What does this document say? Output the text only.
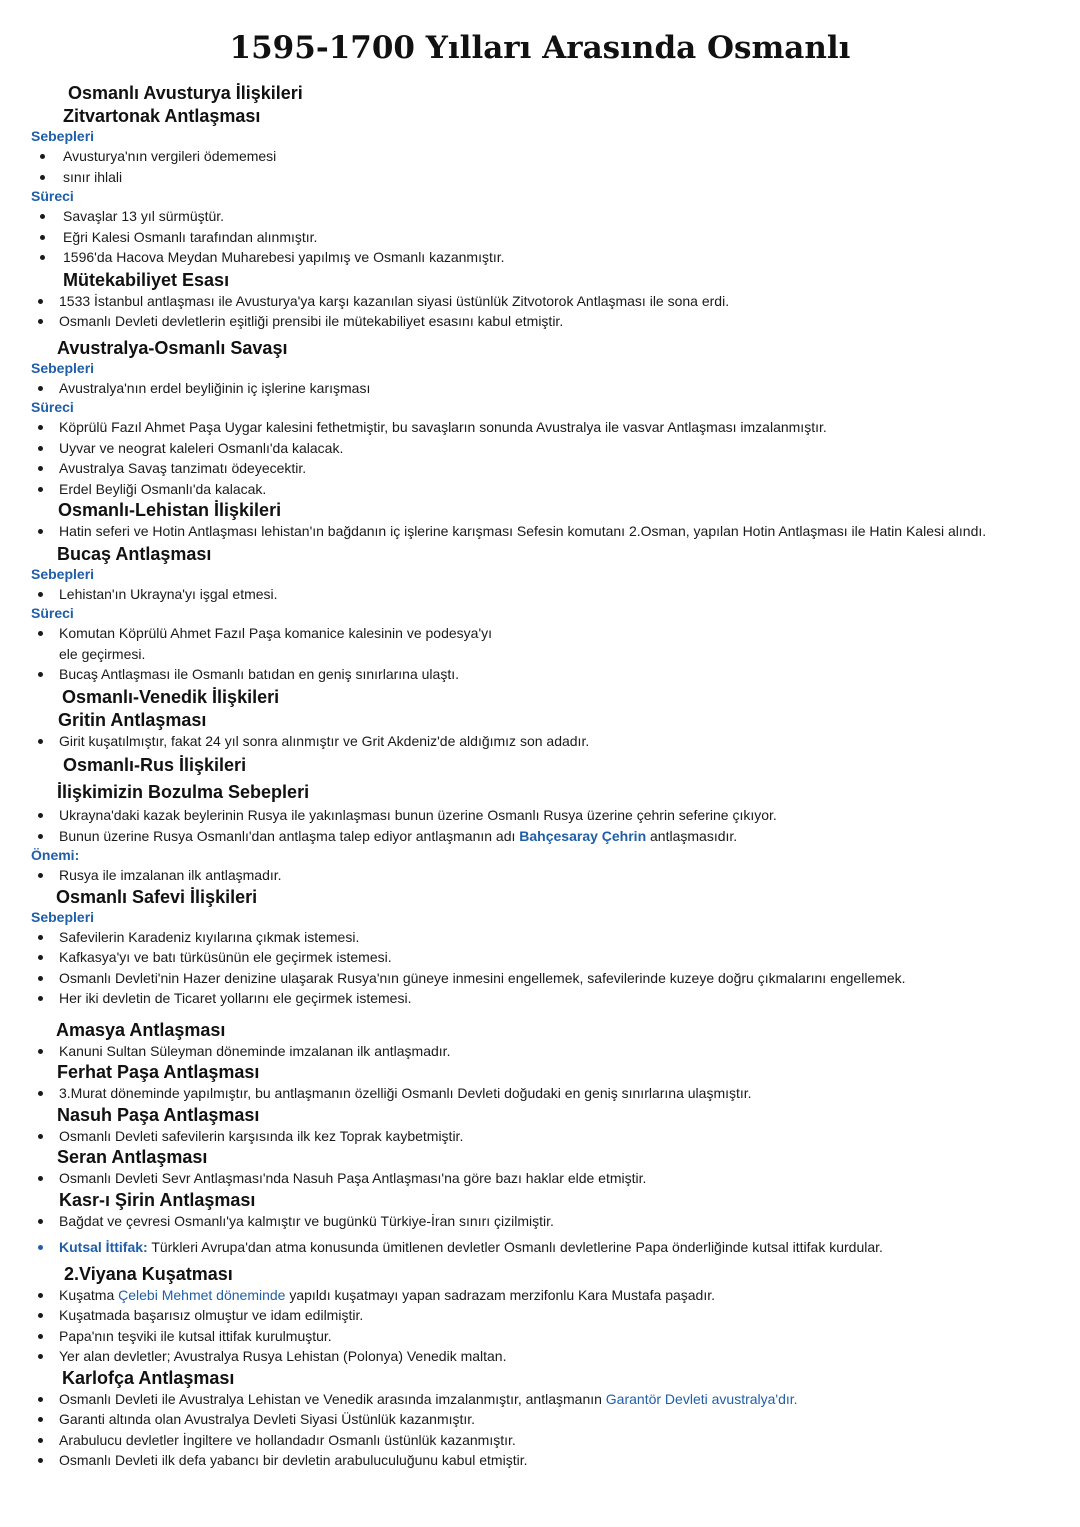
1595-1700 Yılları Arasında Osmanlı
Osmanlı Avusturya İlişkileri
Zitvartonak Antlaşması
Sebepleri
Avusturya'nın vergileri ödememesi
sınır ihlali
Süreci
Savaşlar 13 yıl sürmüştür.
Eğri Kalesi Osmanlı tarafından alınmıştır.
1596'da Hacova Meydan Muharebesi yapılmış ve Osmanlı kazanmıştır.
Mütekabiliyet Esası
1533 İstanbul antlaşması ile Avusturya'ya karşı kazanılan siyasi üstünlük Zitvotorok Antlaşması ile sona erdi.
Osmanlı Devleti devletlerin eşitliği prensibi ile mütekabiliyet esasını kabul etmiştir.
Avustralya-Osmanlı Savaşı
Sebepleri
Avustralya'nın erdel beyliğinin iç işlerine karışması
Süreci
Köprülü Fazıl Ahmet Paşa Uygar kalesini fethetmiştir, bu savaşların sonunda Avustralya ile vasvar Antlaşması imzalanmıştır.
Uyvar ve neograt kaleleri Osmanlı'da kalacak.
Avustralya Savaş tanzimatı ödeyecektir.
Erdel Beyliği Osmanlı'da kalacak.
Osmanlı-Lehistan İlişkileri
Hatin seferi ve Hotin Antlaşması lehistan'ın bağdanın iç işlerine karışması Sefesin komutanı 2.Osman, yapılan Hotin Antlaşması ile Hatin Kalesi alındı.
Bucaş Antlaşması
Sebepleri
Lehistan'ın Ukrayna'yı işgal etmesi.
Süreci
Komutan Köprülü Ahmet Fazıl Paşa komanice kalesinin ve podesya'yı
ele geçirmesi.
Bucaş Antlaşması ile Osmanlı batıdan en geniş sınırlarına ulaştı.
Osmanlı-Venedik İlişkileri
Gritin Antlaşması
Girit kuşatılmıştır, fakat 24 yıl sonra alınmıştır ve Grit Akdeniz'de aldığımız son adadır.
Osmanlı-Rus İlişkileri
İlişkimizin Bozulma Sebepleri
Ukrayna'daki kazak beylerinin Rusya ile yakınlaşması bunun üzerine Osmanlı Rusya üzerine çehrin seferine çıkıyor.
Bunun üzerine Rusya Osmanlı'dan antlaşma talep ediyor antlaşmanın adı Bahçesaray Çehrin antlaşmasıdır.
Önemi:
Rusya ile imzalanan ilk antlaşmadır.
Osmanlı Safevi İlişkileri
Sebepleri
Safevilerin Karadeniz kıyılarına çıkmak istemesi.
Kafkasya'yı ve batı türküsünün ele geçirmek istemesi.
Osmanlı Devleti'nin Hazer denizine ulaşarak Rusya'nın güneye inmesini engellemek, safevilerinde kuzeye doğru çıkmalarını engellemek.
Her iki devletin de Ticaret yollarını ele geçirmek istemesi.
Amasya Antlaşması
Kanuni Sultan Süleyman döneminde imzalanan ilk antlaşmadır.
Ferhat Paşa Antlaşması
3.Murat döneminde yapılmıştır, bu antlaşmanın özelliği Osmanlı Devleti doğudaki en geniş sınırlarına ulaşmıştır.
Nasuh Paşa Antlaşması
Osmanlı Devleti safevilerin karşısında ilk kez Toprak kaybetmiştir.
Seran Antlaşması
Osmanlı Devleti Sevr Antlaşması'nda Nasuh Paşa Antlaşması'na göre bazı haklar elde etmiştir.
Kasr-ı Şirin Antlaşması
Bağdat ve çevresi Osmanlı'ya kalmıştır ve bugünkü Türkiye-İran sınırı çizilmiştir.
Kutsal İttifak: Türkleri Avrupa'dan atma konusunda ümitlenen devletler Osmanlı devletlerine Papa önderliğinde kutsal ittifak kurdular.
2.Viyana Kuşatması
Kuşatma Çelebi Mehmet döneminde yapıldı kuşatmayı yapan sadrazam merzifonlu Kara Mustafa paşadır.
Kuşatmada başarısız olmuştur ve idam edilmiştir.
Papa'nın teşviki ile kutsal ittifak kurulmuştur.
Yer alan devletler; Avustralya Rusya Lehistan (Polonya) Venedik maltan.
Karlofça Antlaşması
Osmanlı Devleti ile Avustralya Lehistan ve Venedik arasında imzalanmıştır, antlaşmanın Garantör Devleti avustralya'dır.
Garanti altında olan Avustralya Devleti Siyasi Üstünlük kazanmıştır.
Arabulucu devletler İngiltere ve hollandadır Osmanlı üstünlük kazanmıştır.
Osmanlı Devleti ilk defa yabancı bir devletin arabuluculuğunu kabul etmiştir.
